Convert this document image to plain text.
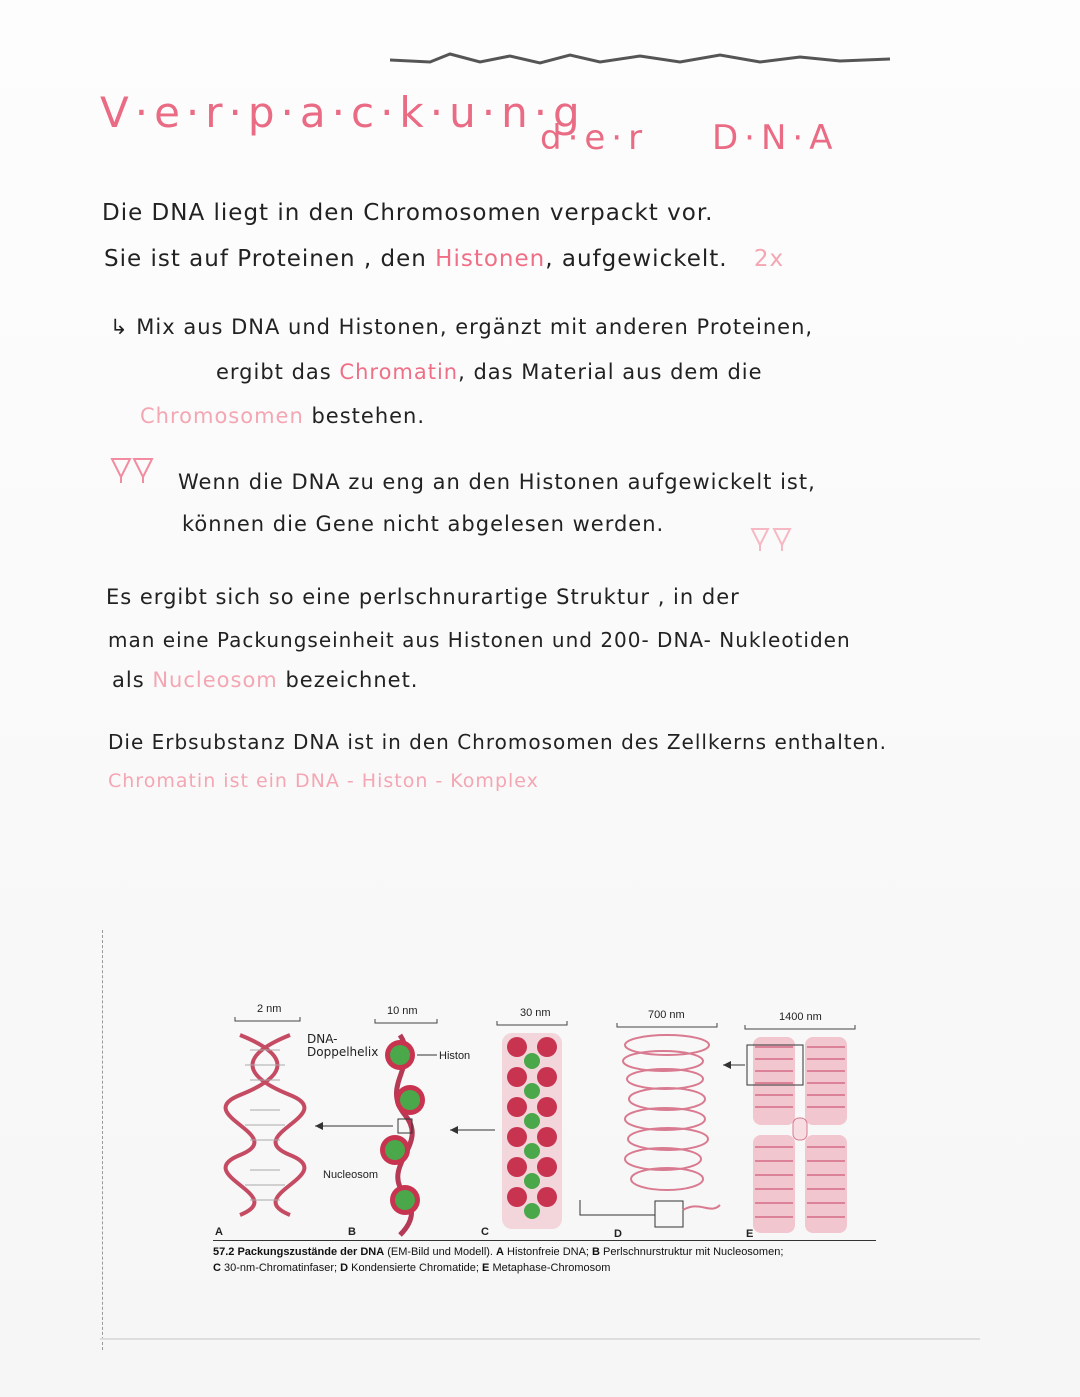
V·e·r·p·a·c·k·u·n·g
d·e·r D·N·A
Die DNA liegt in den Chromosomen verpackt vor.
Sie ist auf Proteinen , den Histonen, aufgewickelt. 2x
↳ Mix aus DNA und Histonen, ergänzt mit anderen Proteinen,
ergibt das Chromatin, das Material aus dem die
Chromosomen bestehen.
Wenn die DNA zu eng an den Histonen aufgewickelt ist,
können die Gene nicht abgelesen werden.
Es ergibt sich so eine perlschnurartige Struktur , in der
man eine Packungseinheit aus Histonen und 200- DNA- Nukleotiden
als Nucleosom bezeichnet.
Die Erbsubstanz DNA ist in den Chromosomen des Zellkerns enthalten.
Chromatin ist ein DNA - Histon - Komplex
2 nm	10 nm	30 nm	700 nm	1400 nm
DNA-Doppelhelix	Histon
Nucleosom
A	B	C	D	E
57.2 Packungszustände der DNA (EM-Bild und Modell). A Histonfreie DNA; B Perlschnurstruktur mit Nucleosomen;
C 30-nm-Chromatinfaser; D Kondensierte Chromatide; E Metaphase-Chromosom
